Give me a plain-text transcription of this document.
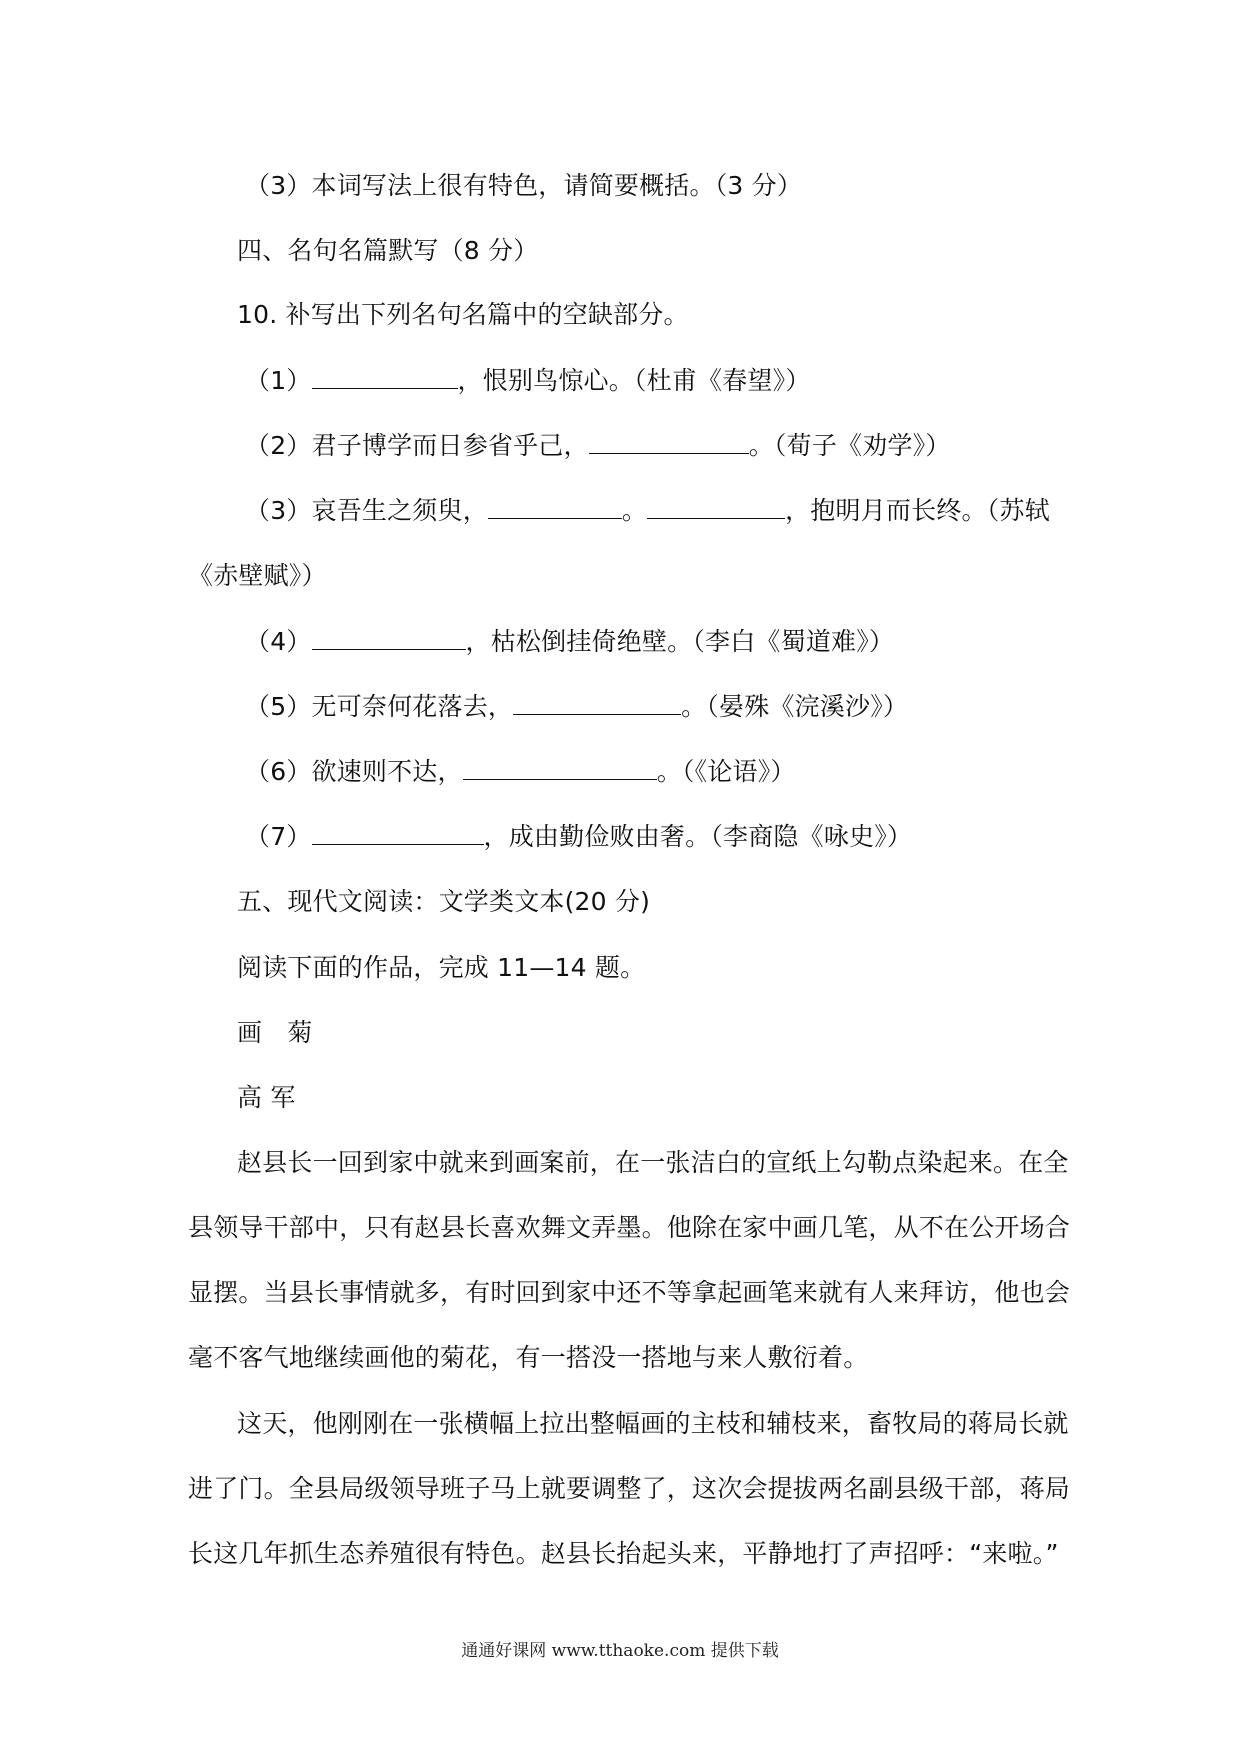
（3）本词写法上很有特色，请简要概括。（3 分）
四、名句名篇默写（8 分）
10. 补写出下列名句名篇中的空缺部分。
（1）	，恨别鸟惊心。（杜甫《春望》）
（2）君子博学而日参省乎己，	。（荀子《劝学》）
（3）哀吾生之须臾，	。	，抱明月而长终。（苏轼
《赤壁赋》）
（4）	，枯松倒挂倚绝壁。（李白《蜀道难》）
（5）无可奈何花落去，	。（晏殊《浣溪沙》）
（6）欲速则不达，	。（《论语》）
（7）	，成由勤俭败由奢。（李商隐《咏史》）
五、现代文阅读：文学类文本(20 分)
阅读下面的作品，完成 11—14 题。
画　菊
高 军
赵县长一回到家中就来到画案前，在一张洁白的宣纸上勾勒点染起来。在全
县领导干部中，只有赵县长喜欢舞文弄墨。他除在家中画几笔，从不在公开场合
显摆。当县长事情就多，有时回到家中还不等拿起画笔来就有人来拜访，他也会
毫不客气地继续画他的菊花，有一搭没一搭地与来人敷衍着。
这天，他刚刚在一张横幅上拉出整幅画的主枝和辅枝来，畜牧局的蒋局长就
进了门。全县局级领导班子马上就要调整了，这次会提拔两名副县级干部，蒋局
长这几年抓生态养殖很有特色。赵县长抬起头来，平静地打了声招呼：“来啦。”
通通好课网 www.tthaoke.com 提供下载
